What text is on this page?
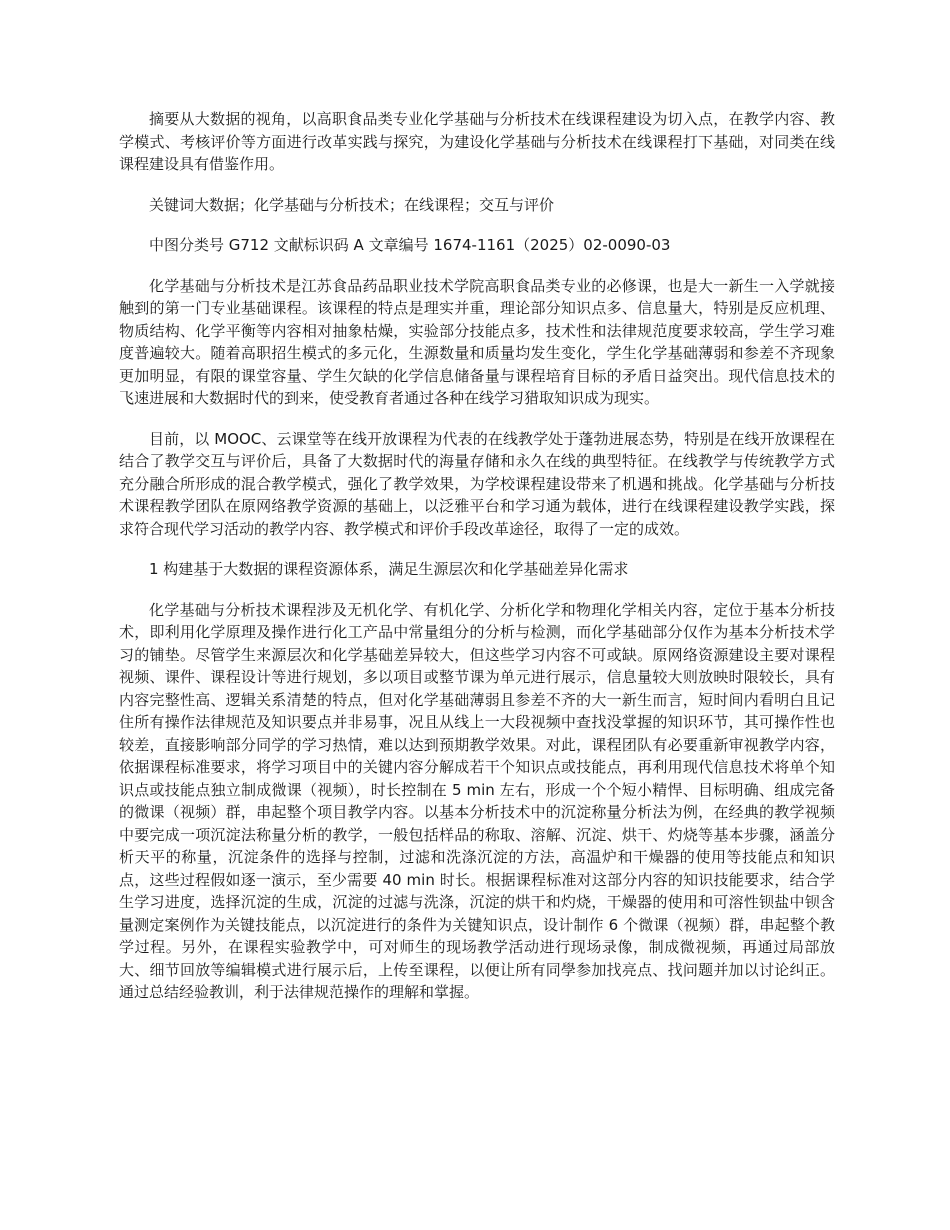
摘要从大数据的视角，以高职食品类专业化学基础与分析技术在线课程建设为切入点，在教学内容、教学模式、考核评价等方面进行改革实践与探究，为建设化学基础与分析技术在线课程打下基础，对同类在线课程建设具有借鉴作用。

关键词大数据；化学基础与分析技术；在线课程；交互与评价

中图分类号 G712 文献标识码 A 文章编号 1674-1161（2025）02-0090-03

化学基础与分析技术是江苏食品药品职业技术学院高职食品类专业的必修课，也是大一新生一入学就接触到的第一门专业基础课程。该课程的特点是理实并重，理论部分知识点多、信息量大，特别是反应机理、物质结构、化学平衡等内容相对抽象枯燥，实验部分技能点多，技术性和法律规范度要求较高，学生学习难度普遍较大。随着高职招生模式的多元化，生源数量和质量均发生变化，学生化学基础薄弱和参差不齐现象更加明显，有限的课堂容量、学生欠缺的化学信息储备量与课程培育目标的矛盾日益突出。现代信息技术的飞速进展和大数据时代的到来，使受教育者通过各种在线学习猎取知识成为现实。

目前，以 MOOC、云课堂等在线开放课程为代表的在线教学处于蓬勃进展态势，特别是在线开放课程在结合了教学交互与评价后，具备了大数据时代的海量存储和永久在线的典型特征。在线教学与传统教学方式充分融合所形成的混合教学模式，强化了教学效果，为学校课程建设带来了机遇和挑战。化学基础与分析技术课程教学团队在原网络教学资源的基础上，以泛雅平台和学习通为载体，进行在线课程建设教学实践，探求符合现代学习活动的教学内容、教学模式和评价手段改革途径，取得了一定的成效。

1 构建基于大数据的课程资源体系，满足生源层次和化学基础差异化需求

化学基础与分析技术课程涉及无机化学、有机化学、分析化学和物理化学相关内容，定位于基本分析技术，即利用化学原理及操作进行化工产品中常量组分的分析与检测，而化学基础部分仅作为基本分析技术学习的铺垫。尽管学生来源层次和化学基础差异较大，但这些学习内容不可或缺。原网络资源建设主要对课程视频、课件、课程设计等进行规划，多以项目或整节课为单元进行展示，信息量较大则放映时限较长，具有内容完整性高、逻辑关系清楚的特点，但对化学基础薄弱且参差不齐的大一新生而言，短时间内看明白且记住所有操作法律规范及知识要点并非易事，况且从线上一大段视频中查找没掌握的知识环节，其可操作性也较差，直接影响部分同学的学习热情，难以达到预期教学效果。对此，课程团队有必要重新审视教学内容，依据课程标准要求，将学习项目中的关键内容分解成若干个知识点或技能点，再利用现代信息技术将单个知识点或技能点独立制成微课（视频），时长控制在 5 min 左右，形成一个个短小精悍、目标明确、组成完备的微课（视频）群，串起整个项目教学内容。以基本分析技术中的沉淀称量分析法为例，在经典的教学视频中要完成一项沉淀法称量分析的教学，一般包括样品的称取、溶解、沉淀、烘干、灼烧等基本步骤，涵盖分析天平的称量，沉淀条件的选择与控制，过滤和洗涤沉淀的方法，高温炉和干燥器的使用等技能点和知识点，这些过程假如逐一演示，至少需要 40 min 时长。根据课程标准对这部分内容的知识技能要求，结合学生学习进度，选择沉淀的生成，沉淀的过滤与洗涤，沉淀的烘干和灼烧，干燥器的使用和可溶性钡盐中钡含量测定案例作为关键技能点，以沉淀进行的条件为关键知识点，设计制作 6 个微课（视频）群，串起整个教学过程。另外，在课程实验教学中，可对师生的现场教学活动进行现场录像，制成微视频，再通过局部放大、细节回放等编辑模式进行展示后，上传至课程，以便让所有同學参加找亮点、找问题并加以讨论纠正。通过总结经验教训，利于法律规范操作的理解和掌握。
